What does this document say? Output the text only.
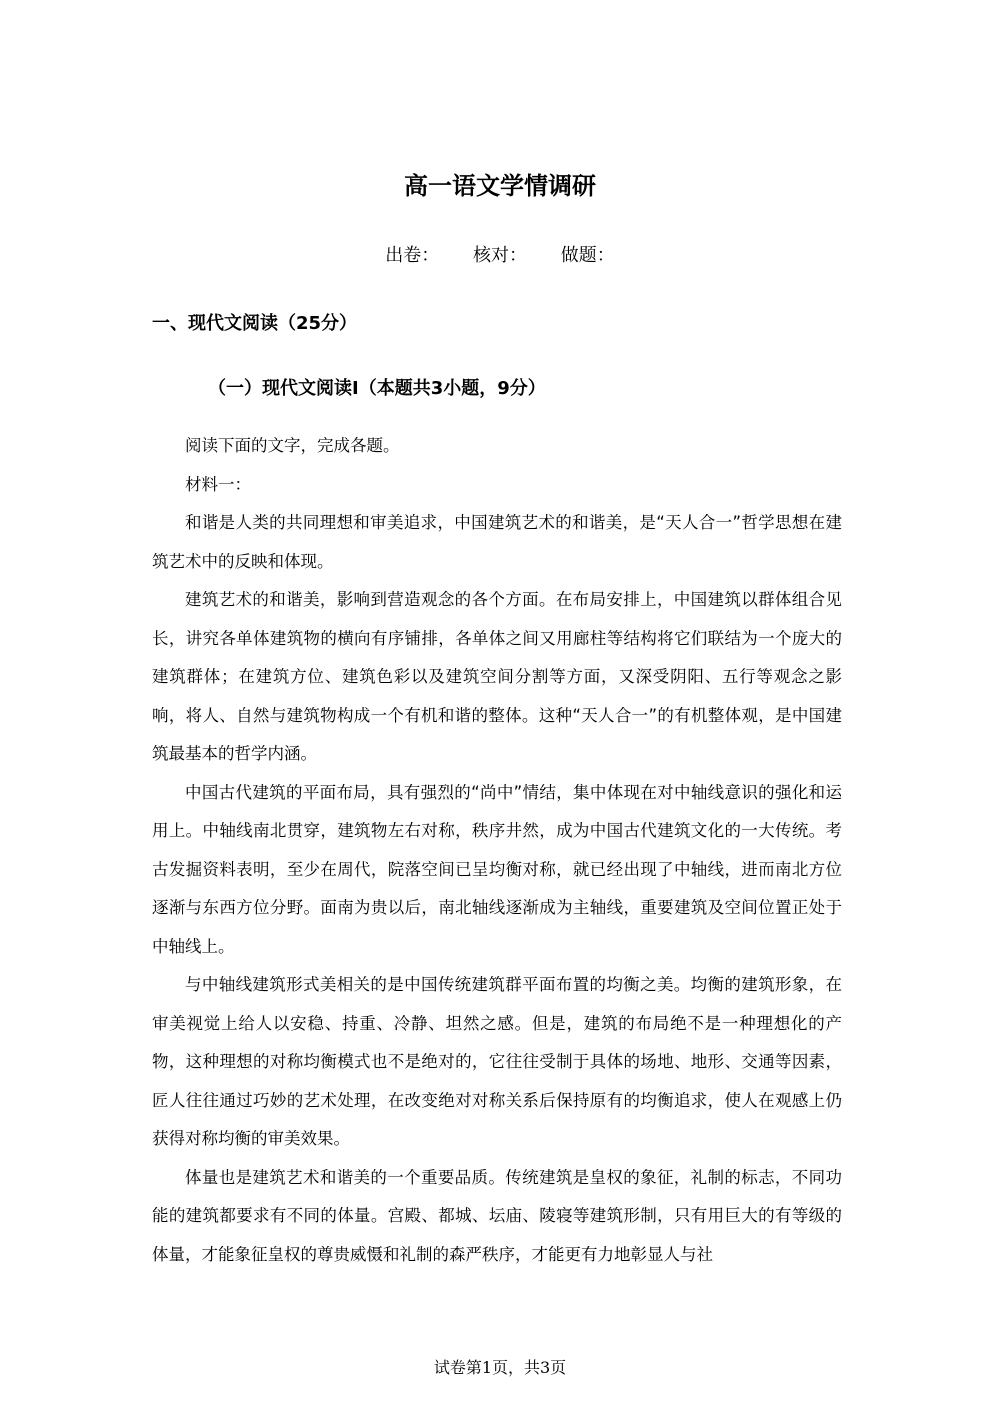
高一语文学情调研
出卷： 核对： 做题：
一、现代文阅读（25分）
（一）现代文阅读I（本题共3小题，9分）

阅读下面的文字，完成各题。

材料一：

和谐是人类的共同理想和审美追求，中国建筑艺术的和谐美，是“天人合一”哲学思想在建筑艺术中的反映和体现。

建筑艺术的和谐美，影响到营造观念的各个方面。在布局安排上，中国建筑以群体组合见长，讲究各单体建筑物的横向有序铺排，各单体之间又用廊柱等结构将它们联结为一个庞大的建筑群体；在建筑方位、建筑色彩以及建筑空间分割等方面，又深受阴阳、五行等观念之影响，将人、自然与建筑物构成一个有机和谐的整体。这种“天人合一”的有机整体观，是中国建筑最基本的哲学内涵。

中国古代建筑的平面布局，具有强烈的“尚中”情结，集中体现在对中轴线意识的强化和运用上。中轴线南北贯穿，建筑物左右对称，秩序井然，成为中国古代建筑文化的一大传统。考古发掘资料表明，至少在周代，院落空间已呈均衡对称，就已经出现了中轴线，进而南北方位逐渐与东西方位分野。面南为贵以后，南北轴线逐渐成为主轴线，重要建筑及空间位置正处于中轴线上。

与中轴线建筑形式美相关的是中国传统建筑群平面布置的均衡之美。均衡的建筑形象，在审美视觉上给人以安稳、持重、冷静、坦然之感。但是，建筑的布局绝不是一种理想化的产物，这种理想的对称均衡模式也不是绝对的，它往往受制于具体的场地、地形、交通等因素，匠人往往通过巧妙的艺术处理，在改变绝对对称关系后保持原有的均衡追求，使人在观感上仍获得对称均衡的审美效果。

体量也是建筑艺术和谐美的一个重要品质。传统建筑是皇权的象征，礼制的标志，不同功能的建筑都要求有不同的体量。宫殿、都城、坛庙、陵寝等建筑形制，只有用巨大的有等级的体量，才能象征皇权的尊贵威慑和礼制的森严秩序，才能更有力地彰显人与社

试卷第1页，共3页
